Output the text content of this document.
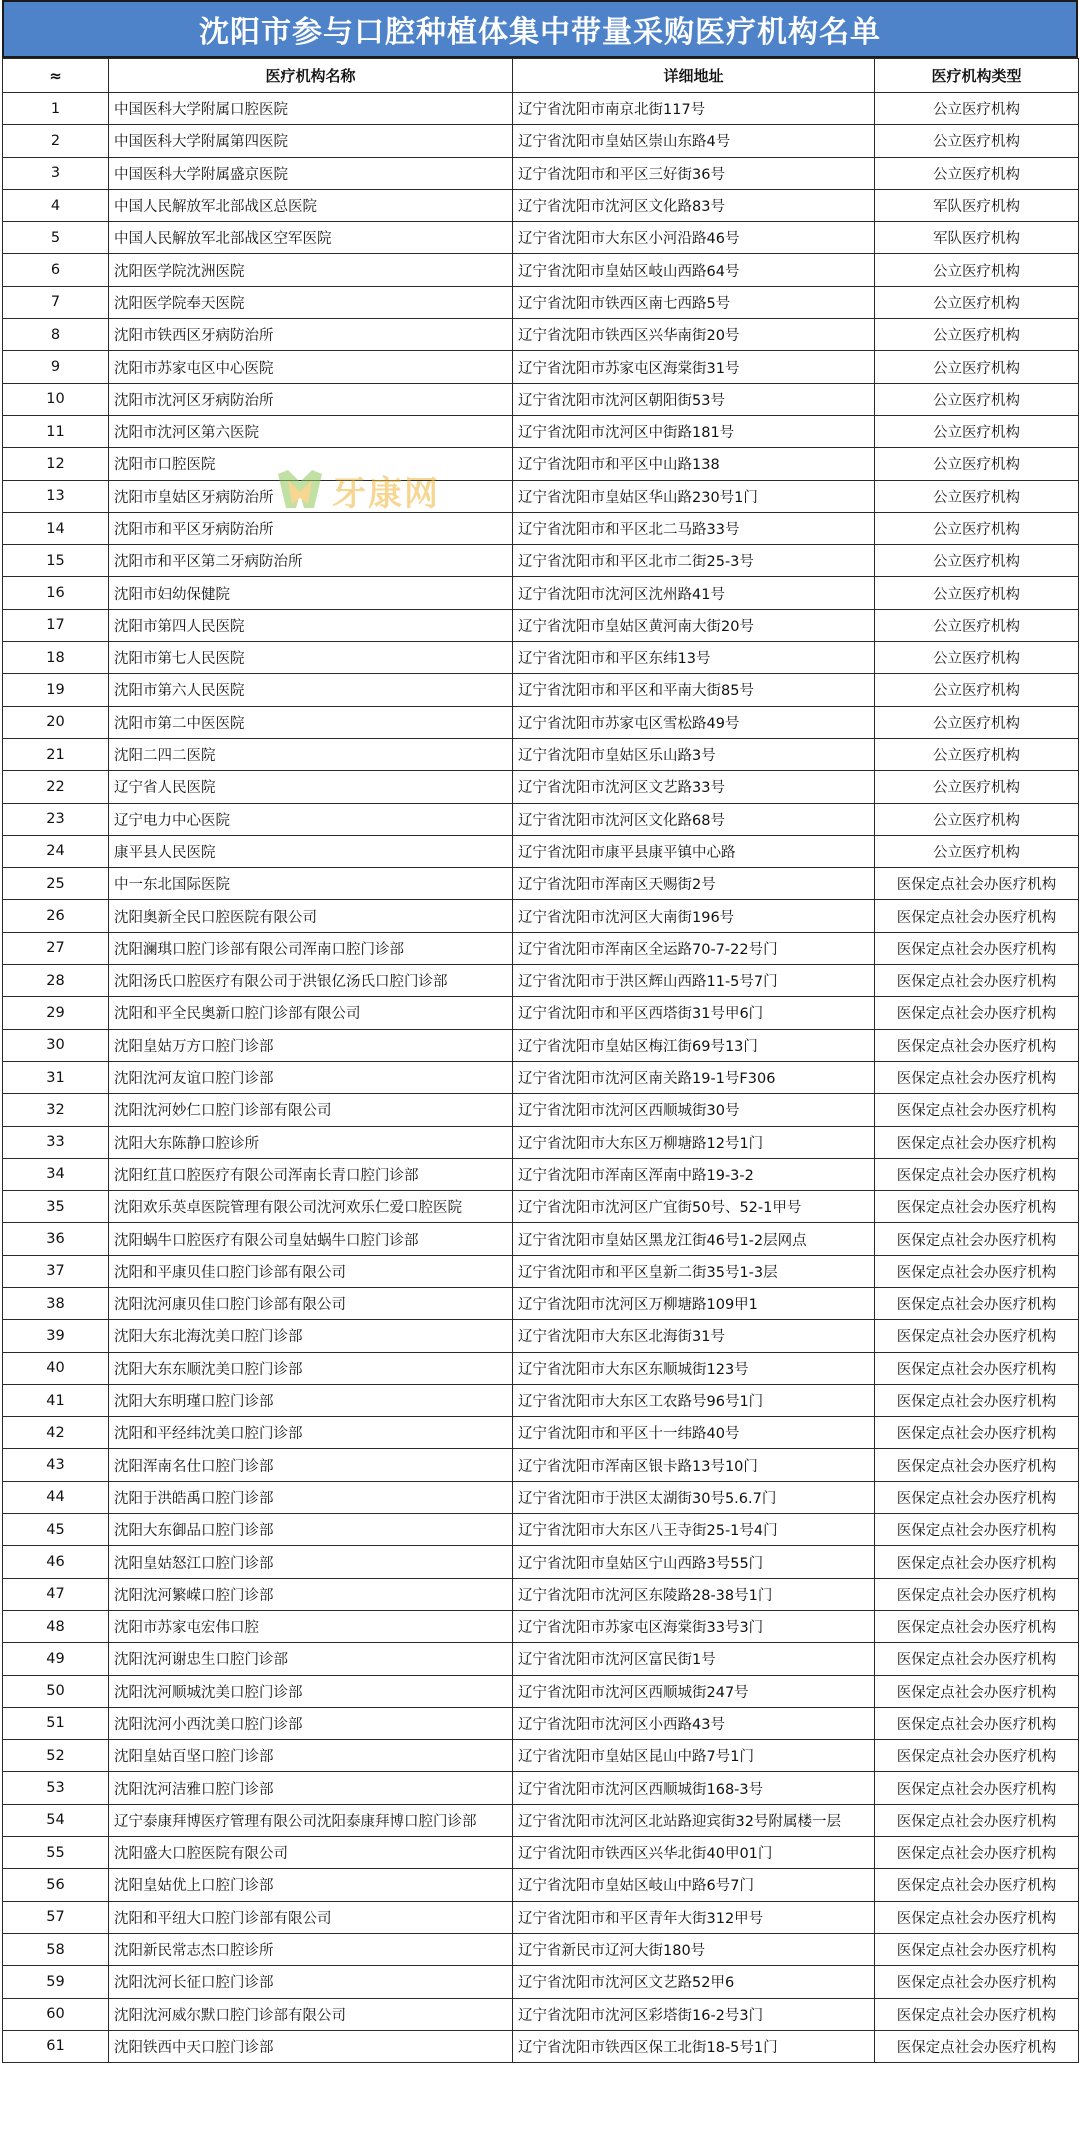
沈阳市参与口腔种植体集中带量采购医疗机构名单
≈	医疗机构名称	详细地址	医疗机构类型
1	中国医科大学附属口腔医院	辽宁省沈阳市南京北街117号	公立医疗机构
2	中国医科大学附属第四医院	辽宁省沈阳市皇姑区崇山东路4号	公立医疗机构
3	中国医科大学附属盛京医院	辽宁省沈阳市和平区三好街36号	公立医疗机构
4	中国人民解放军北部战区总医院	辽宁省沈阳市沈河区文化路83号	军队医疗机构
5	中国人民解放军北部战区空军医院	辽宁省沈阳市大东区小河沿路46号	军队医疗机构
6	沈阳医学院沈洲医院	辽宁省沈阳市皇姑区岐山西路64号	公立医疗机构
7	沈阳医学院奉天医院	辽宁省沈阳市铁西区南七西路5号	公立医疗机构
8	沈阳市铁西区牙病防治所	辽宁省沈阳市铁西区兴华南街20号	公立医疗机构
9	沈阳市苏家屯区中心医院	辽宁省沈阳市苏家屯区海棠街31号	公立医疗机构
10	沈阳市沈河区牙病防治所	辽宁省沈阳市沈河区朝阳街53号	公立医疗机构
11	沈阳市沈河区第六医院	辽宁省沈阳市沈河区中街路181号	公立医疗机构
12	沈阳市口腔医院	辽宁省沈阳市和平区中山路138	公立医疗机构
13	沈阳市皇姑区牙病防治所	辽宁省沈阳市皇姑区华山路230号1门	公立医疗机构
14	沈阳市和平区牙病防治所	辽宁省沈阳市和平区北二马路33号	公立医疗机构
15	沈阳市和平区第二牙病防治所	辽宁省沈阳市和平区北市二街25-3号	公立医疗机构
16	沈阳市妇幼保健院	辽宁省沈阳市沈河区沈州路41号	公立医疗机构
17	沈阳市第四人民医院	辽宁省沈阳市皇姑区黄河南大街20号	公立医疗机构
18	沈阳市第七人民医院	辽宁省沈阳市和平区东纬13号	公立医疗机构
19	沈阳市第六人民医院	辽宁省沈阳市和平区和平南大街85号	公立医疗机构
20	沈阳市第二中医医院	辽宁省沈阳市苏家屯区雪松路49号	公立医疗机构
21	沈阳二四二医院	辽宁省沈阳市皇姑区乐山路3号	公立医疗机构
22	辽宁省人民医院	辽宁省沈阳市沈河区文艺路33号	公立医疗机构
23	辽宁电力中心医院	辽宁省沈阳市沈河区文化路68号	公立医疗机构
24	康平县人民医院	辽宁省沈阳市康平县康平镇中心路	公立医疗机构
25	中一东北国际医院	辽宁省沈阳市浑南区天赐街2号	医保定点社会办医疗机构
26	沈阳奥新全民口腔医院有限公司	辽宁省沈阳市沈河区大南街196号	医保定点社会办医疗机构
27	沈阳澜琪口腔门诊部有限公司浑南口腔门诊部	辽宁省沈阳市浑南区全运路70-7-22号门	医保定点社会办医疗机构
28	沈阳汤氏口腔医疗有限公司于洪银亿汤氏口腔门诊部	辽宁省沈阳市于洪区辉山西路11-5号7门	医保定点社会办医疗机构
29	沈阳和平全民奥新口腔门诊部有限公司	辽宁省沈阳市和平区西塔街31号甲6门	医保定点社会办医疗机构
30	沈阳皇姑万方口腔门诊部	辽宁省沈阳市皇姑区梅江街69号13门	医保定点社会办医疗机构
31	沈阳沈河友谊口腔门诊部	辽宁省沈阳市沈河区南关路19-1号F306	医保定点社会办医疗机构
32	沈阳沈河妙仁口腔门诊部有限公司	辽宁省沈阳市沈河区西顺城街30号	医保定点社会办医疗机构
33	沈阳大东陈静口腔诊所	辽宁省沈阳市大东区万柳塘路12号1门	医保定点社会办医疗机构
34	沈阳红苴口腔医疗有限公司浑南长青口腔门诊部	辽宁省沈阳市浑南区浑南中路19-3-2	医保定点社会办医疗机构
35	沈阳欢乐英卓医院管理有限公司沈河欢乐仁爱口腔医院	辽宁省沈阳市沈河区广宜街50号、52-1甲号	医保定点社会办医疗机构
36	沈阳蜗牛口腔医疗有限公司皇姑蜗牛口腔门诊部	辽宁省沈阳市皇姑区黑龙江街46号1-2层网点	医保定点社会办医疗机构
37	沈阳和平康贝佳口腔门诊部有限公司	辽宁省沈阳市和平区皇新二街35号1-3层	医保定点社会办医疗机构
38	沈阳沈河康贝佳口腔门诊部有限公司	辽宁省沈阳市沈河区万柳塘路109甲1	医保定点社会办医疗机构
39	沈阳大东北海沈美口腔门诊部	辽宁省沈阳市大东区北海街31号	医保定点社会办医疗机构
40	沈阳大东东顺沈美口腔门诊部	辽宁省沈阳市大东区东顺城街123号	医保定点社会办医疗机构
41	沈阳大东明瑾口腔门诊部	辽宁省沈阳市大东区工农路号96号1门	医保定点社会办医疗机构
42	沈阳和平经纬沈美口腔门诊部	辽宁省沈阳市和平区十一纬路40号	医保定点社会办医疗机构
43	沈阳浑南名仕口腔门诊部	辽宁省沈阳市浑南区银卡路13号10门	医保定点社会办医疗机构
44	沈阳于洪皓禹口腔门诊部	辽宁省沈阳市于洪区太湖街30号5.6.7门	医保定点社会办医疗机构
45	沈阳大东御品口腔门诊部	辽宁省沈阳市大东区八王寺街25-1号4门	医保定点社会办医疗机构
46	沈阳皇姑怒江口腔门诊部	辽宁省沈阳市皇姑区宁山西路3号55门	医保定点社会办医疗机构
47	沈阳沈河繁嵘口腔门诊部	辽宁省沈阳市沈河区东陵路28-38号1门	医保定点社会办医疗机构
48	沈阳市苏家屯宏伟口腔	辽宁省沈阳市苏家屯区海棠街33号3门	医保定点社会办医疗机构
49	沈阳沈河谢忠生口腔门诊部	辽宁省沈阳市沈河区富民街1号	医保定点社会办医疗机构
50	沈阳沈河顺城沈美口腔门诊部	辽宁省沈阳市沈河区西顺城街247号	医保定点社会办医疗机构
51	沈阳沈河小西沈美口腔门诊部	辽宁省沈阳市沈河区小西路43号	医保定点社会办医疗机构
52	沈阳皇姑百坚口腔门诊部	辽宁省沈阳市皇姑区昆山中路7号1门	医保定点社会办医疗机构
53	沈阳沈河洁雅口腔门诊部	辽宁省沈阳市沈河区西顺城街168-3号	医保定点社会办医疗机构
54	辽宁泰康拜博医疗管理有限公司沈阳泰康拜博口腔门诊部	辽宁省沈阳市沈河区北站路迎宾街32号附属楼一层	医保定点社会办医疗机构
55	沈阳盛大口腔医院有限公司	辽宁省沈阳市铁西区兴华北街40甲01门	医保定点社会办医疗机构
56	沈阳皇姑优上口腔门诊部	辽宁省沈阳市皇姑区岐山中路6号7门	医保定点社会办医疗机构
57	沈阳和平纽大口腔门诊部有限公司	辽宁省沈阳市和平区青年大街312甲号	医保定点社会办医疗机构
58	沈阳新民常志杰口腔诊所	辽宁省新民市辽河大街180号	医保定点社会办医疗机构
59	沈阳沈河长征口腔门诊部	辽宁省沈阳市沈河区文艺路52甲6	医保定点社会办医疗机构
60	沈阳沈河威尔默口腔门诊部有限公司	辽宁省沈阳市沈河区彩塔街16-2号3门	医保定点社会办医疗机构
61	沈阳铁西中天口腔门诊部	辽宁省沈阳市铁西区保工北街18-5号1门	医保定点社会办医疗机构
牙康网
